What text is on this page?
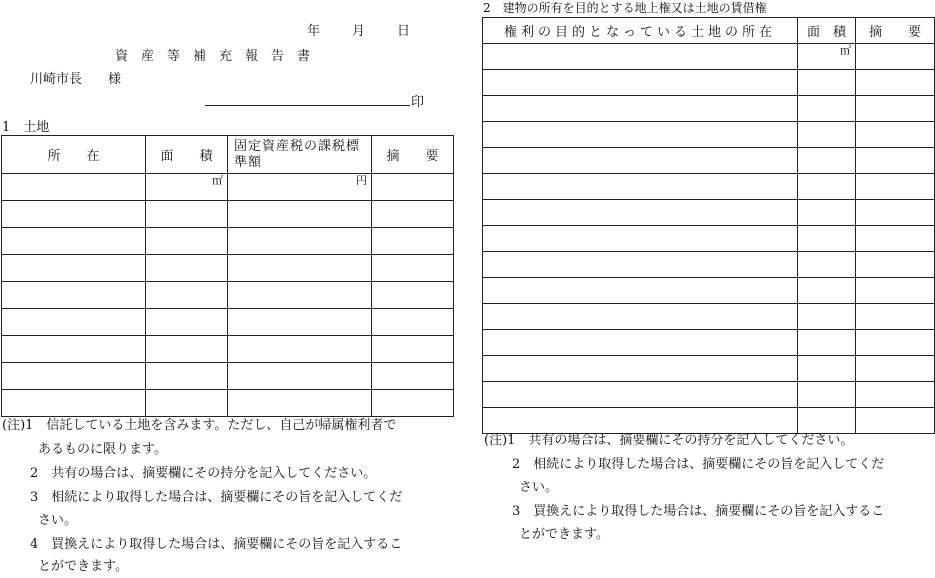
年　　月　　日
資　産　等　補　充　報　告　書
川崎市長　　様
印
1　土地
所　　在	面　　積	固定資産税の課税標準額	摘　　要
	㎡	円	

(注)1　信託している土地を含みます。ただし、自己が帰属権利者で
あるものに限ります。
2　共有の場合は、摘要欄にその持分を記入してください。
3　相続により取得した場合は、摘要欄にその旨を記入してくだ
さい。
4　買換えにより取得した場合は、摘要欄にその旨を記入するこ
とができます。
2　建物の所有を目的とする地上権又は土地の賃借権
権利の目的となっている土地の所在	面　積	摘　　要
	㎡	

(注)1　共有の場合は、摘要欄にその持分を記入してください。
2　相続により取得した場合は、摘要欄にその旨を記入してくだ
さい。
3　買換えにより取得した場合は、摘要欄にその旨を記入するこ
とができます。
